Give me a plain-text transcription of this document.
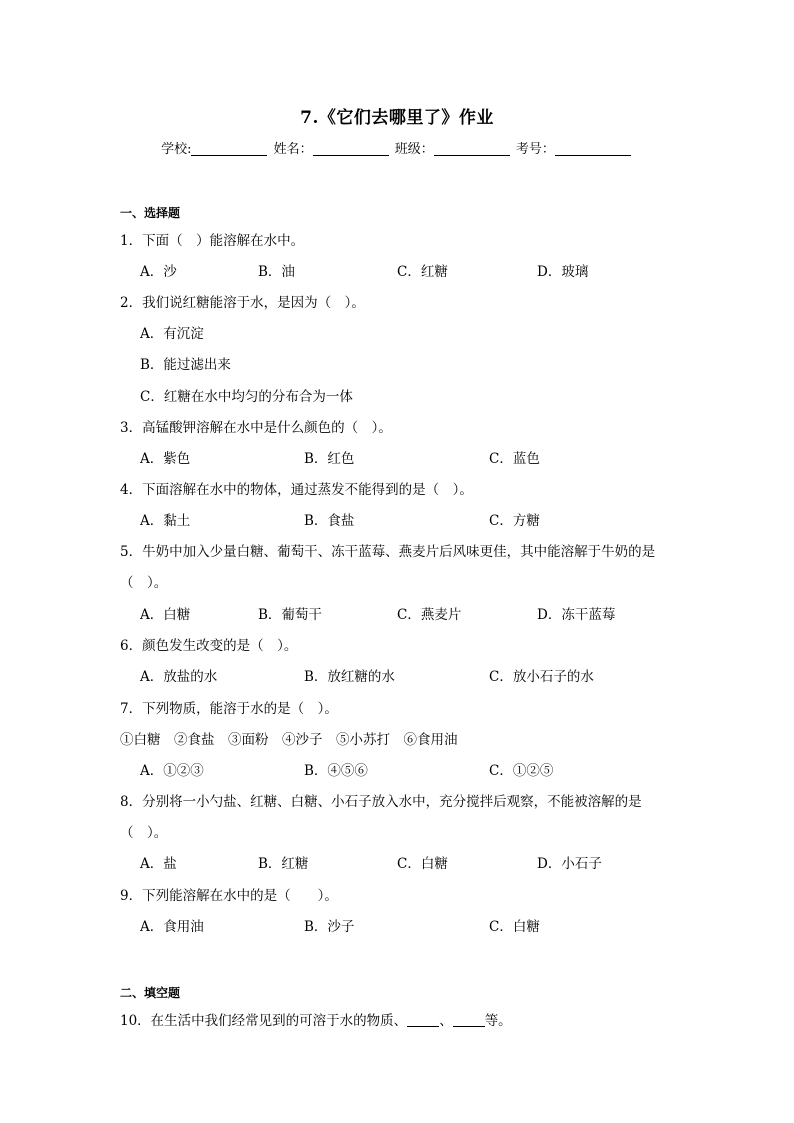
7.《它们去哪里了》作业
学校:	姓名：	班级：	考号：
一、选择题
1．下面（　）能溶解在水中。
A．沙	B．油	C．红糖	D．玻璃
2．我们说红糖能溶于水，是因为（　）。
A．有沉淀
B．能过滤出来
C．红糖在水中均匀的分布合为一体
3．高锰酸钾溶解在水中是什么颜色的（　）。
A．紫色	B．红色	C．蓝色
4．下面溶解在水中的物体，通过蒸发不能得到的是（　）。
A．黏土	B．食盐	C．方糖
5．牛奶中加入少量白糖、葡萄干、冻干蓝莓、燕麦片后风味更佳，其中能溶解于牛奶的是
（　）。
A．白糖	B．葡萄干	C．燕麦片	D．冻干蓝莓
6．颜色发生改变的是（　）。
A．放盐的水	B．放红糖的水	C．放小石子的水
7．下列物质，能溶于水的是（　）。
①白糖　②食盐　③面粉　④沙子　⑤小苏打　⑥食用油
A．①②③	B．④⑤⑥	C．①②⑤
8．分别将一小勺盐、红糖、白糖、小石子放入水中，充分搅拌后观察，不能被溶解的是
（　）。
A．盐	B．红糖	C．白糖	D．小石子
9．下列能溶解在水中的是（　　）。
A．食用油	B．沙子	C．白糖
二、填空题
10．在生活中我们经常见到的可溶于水的物质、 、 等。
